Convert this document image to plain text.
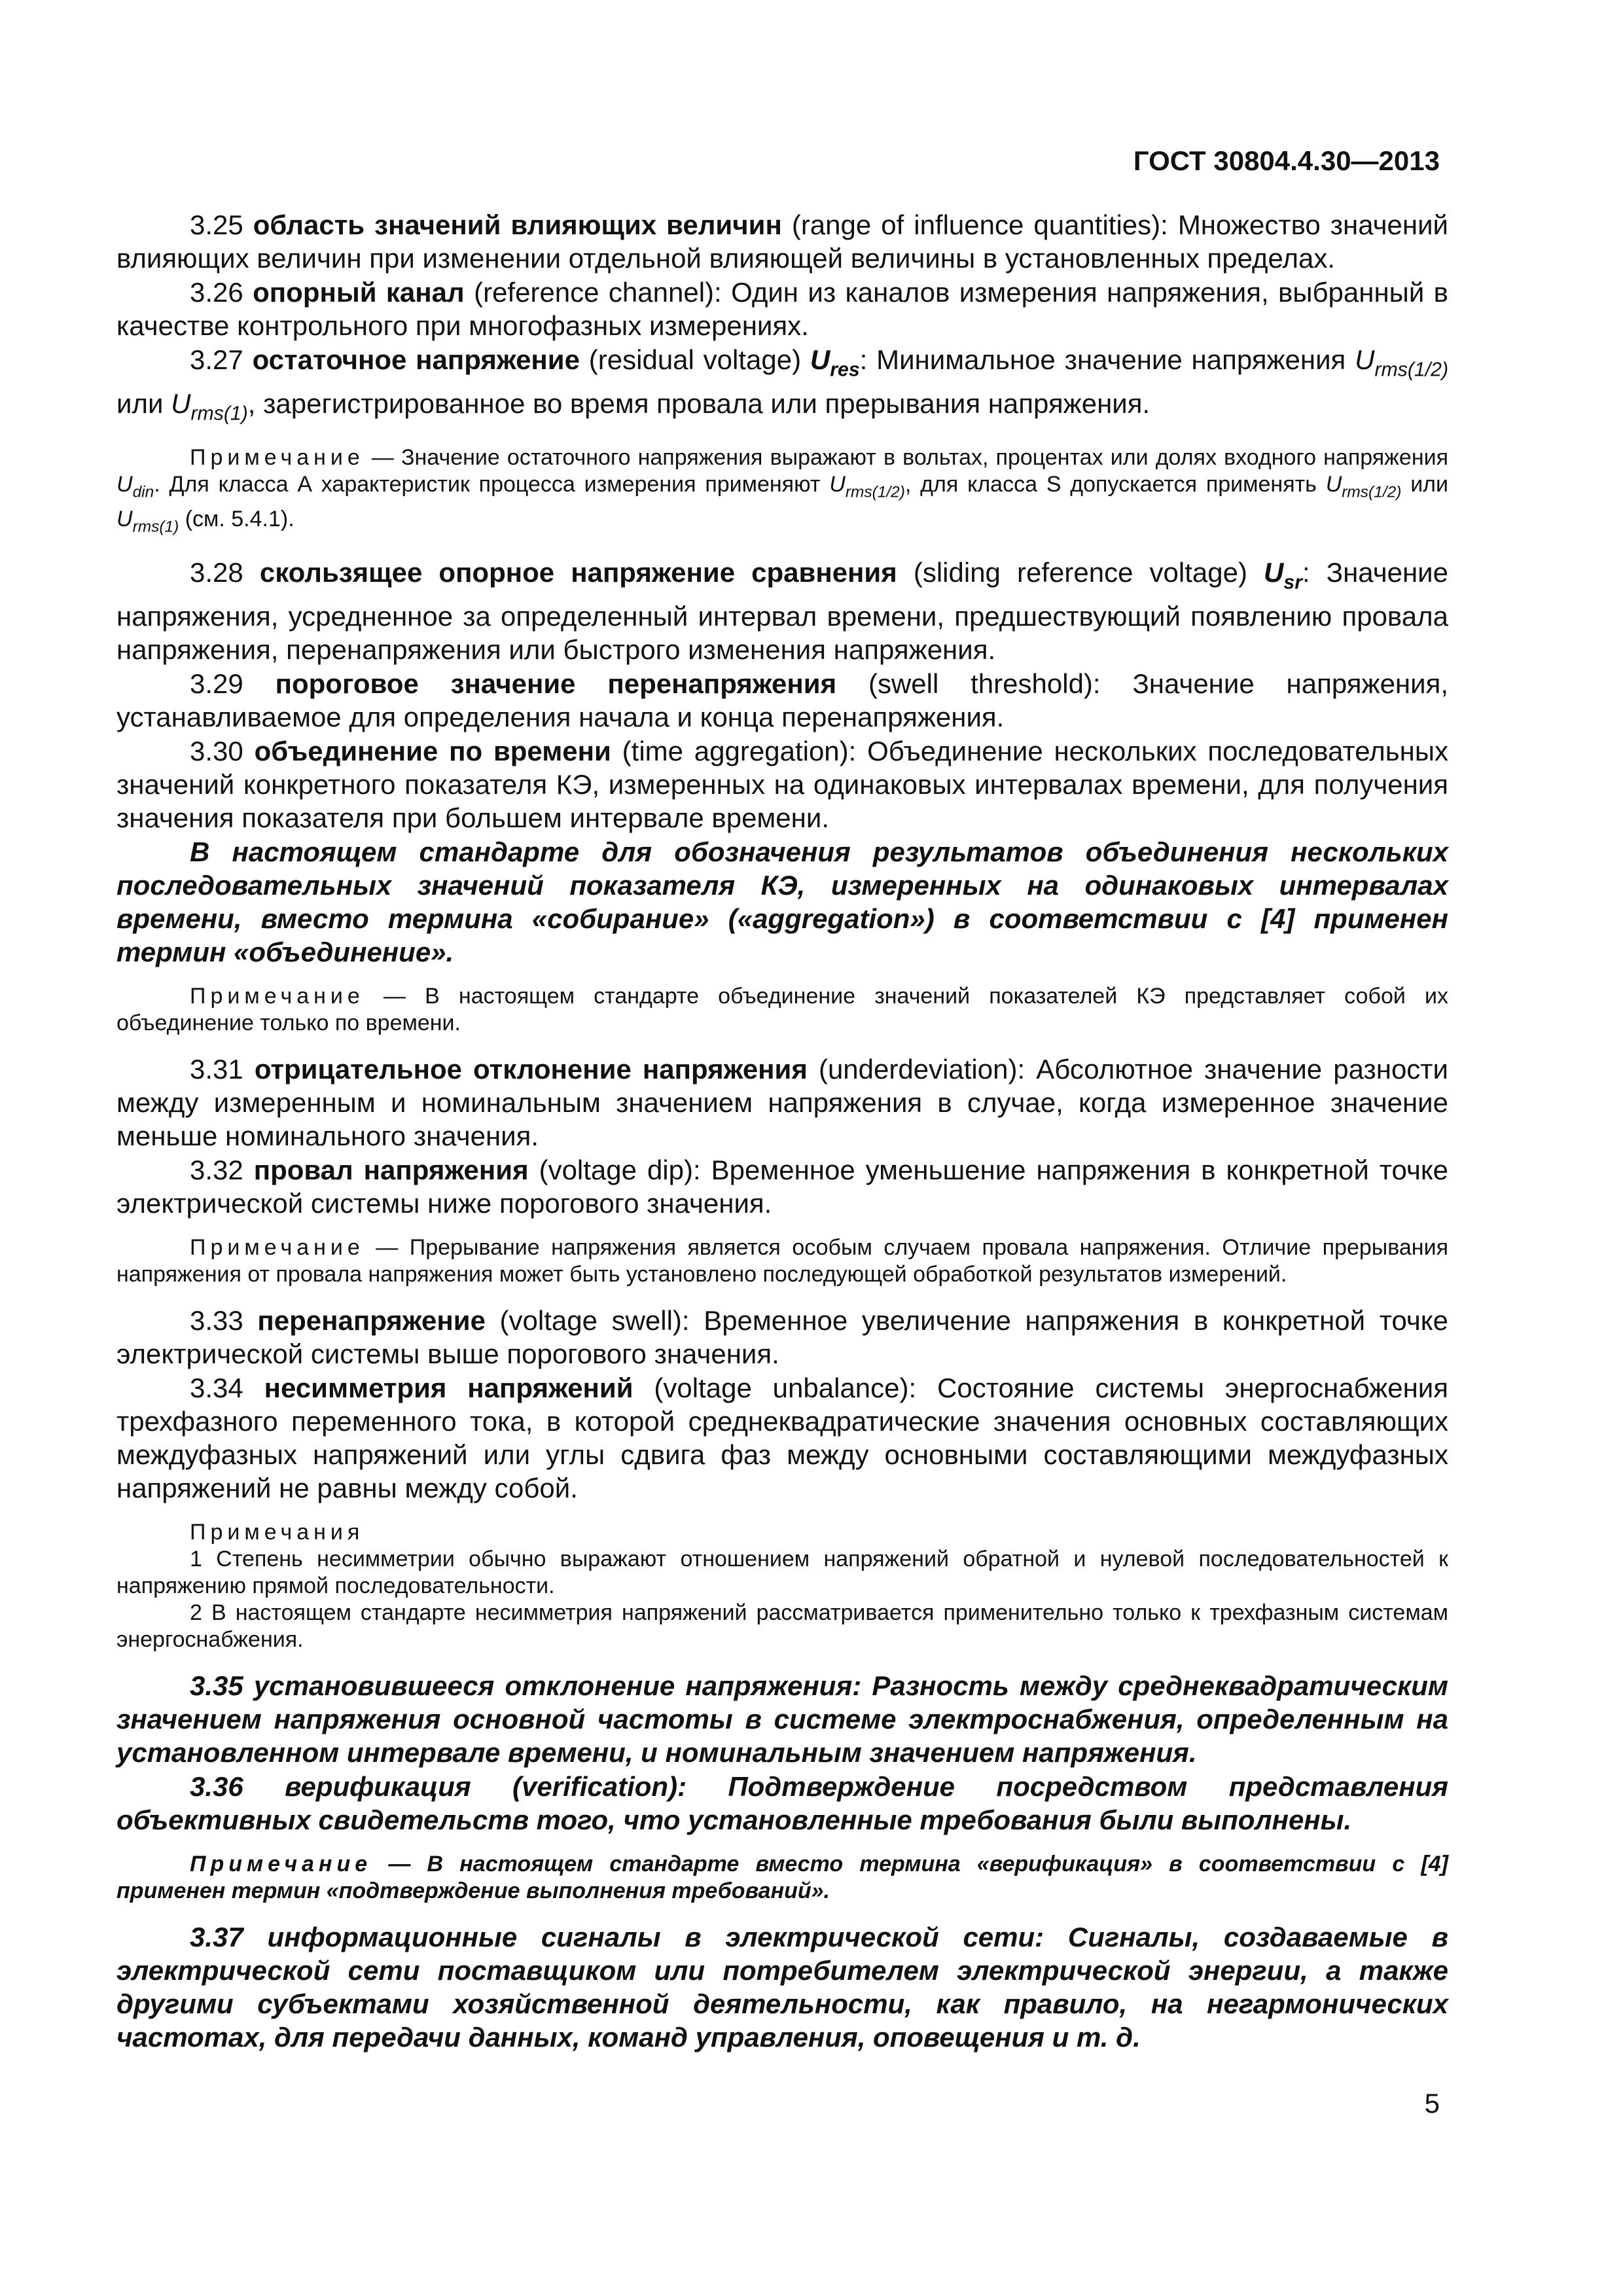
ГОСТ 30804.4.30—2013

3.25 область значений влияющих величин (range of influence quantities): Множество значений влияющих величин при изменении отдельной влияющей величины в установленных пределах.

3.26 опорный канал (reference channel): Один из каналов измерения напряжения, выбранный в качестве контрольного при многофазных измерениях.

3.27 остаточное напряжение (residual voltage) $U_{res}$: Минимальное значение напряжения $U_{rms(1/2)}$ или $U_{rms(1)}$, зарегистрированное во время провала или прерывания напряжения.

Примечание — Значение остаточного напряжения выражают в вольтах, процентах или долях входного напряжения $U_{din}$. Для класса А характеристик процесса измерения применяют $U_{rms(1/2)}$, для класса S допускается применять $U_{rms(1/2)}$ или $U_{rms(1)}$ (см. 5.4.1).

3.28 скользящее опорное напряжение сравнения (sliding reference voltage) $U_{sr}$: Значение напряжения, усредненное за определенный интервал времени, предшествующий появлению провала напряжения, перенапряжения или быстрого изменения напряжения.

3.29 пороговое значение перенапряжения (swell threshold): Значение напряжения, устанавливаемое для определения начала и конца перенапряжения.

3.30 объединение по времени (time aggregation): Объединение нескольких последовательных значений конкретного показателя КЭ, измеренных на одинаковых интервалах времени, для получения значения показателя при большем интервале времени.

В настоящем стандарте для обозначения результатов объединения нескольких последовательных значений показателя КЭ, измеренных на одинаковых интервалах времени, вместо термина «собирание» («aggregation») в соответствии с [4] применен термин «объединение».

Примечание — В настоящем стандарте объединение значений показателей КЭ представляет собой их объединение только по времени.

3.31 отрицательное отклонение напряжения (underdeviation): Абсолютное значение разности между измеренным и номинальным значением напряжения в случае, когда измеренное значение меньше номинального значения.

3.32 провал напряжения (voltage dip): Временное уменьшение напряжения в конкретной точке электрической системы ниже порогового значения.

Примечание — Прерывание напряжения является особым случаем провала напряжения. Отличие прерывания напряжения от провала напряжения может быть установлено последующей обработкой результатов измерений.

3.33 перенапряжение (voltage swell): Временное увеличение напряжения в конкретной точке электрической системы выше порогового значения.

3.34 несимметрия напряжений (voltage unbalance): Состояние системы энергоснабжения трехфазного переменного тока, в которой среднеквадратические значения основных составляющих междуфазных напряжений или углы сдвига фаз между основными составляющими междуфазных напряжений не равны между собой.

Примечания

1 Степень несимметрии обычно выражают отношением напряжений обратной и нулевой последовательностей к напряжению прямой последовательности.

2 В настоящем стандарте несимметрия напряжений рассматривается применительно только к трехфазным системам энергоснабжения.

3.35 установившееся отклонение напряжения: Разность между среднеквадратическим значением напряжения основной частоты в системе электроснабжения, определенным на установленном интервале времени, и номинальным значением напряжения.

3.36 верификация (verification): Подтверждение посредством представления объективных свидетельств того, что установленные требования были выполнены.

Примечание — В настоящем стандарте вместо термина «верификация» в соответствии с [4] применен термин «подтверждение выполнения требований».

3.37 информационные сигналы в электрической сети: Сигналы, создаваемые в электрической сети поставщиком или потребителем электрической энергии, а также другими субъектами хозяйственной деятельности, как правило, на негармонических частотах, для передачи данных, команд управления, оповещения и т. д.

5
